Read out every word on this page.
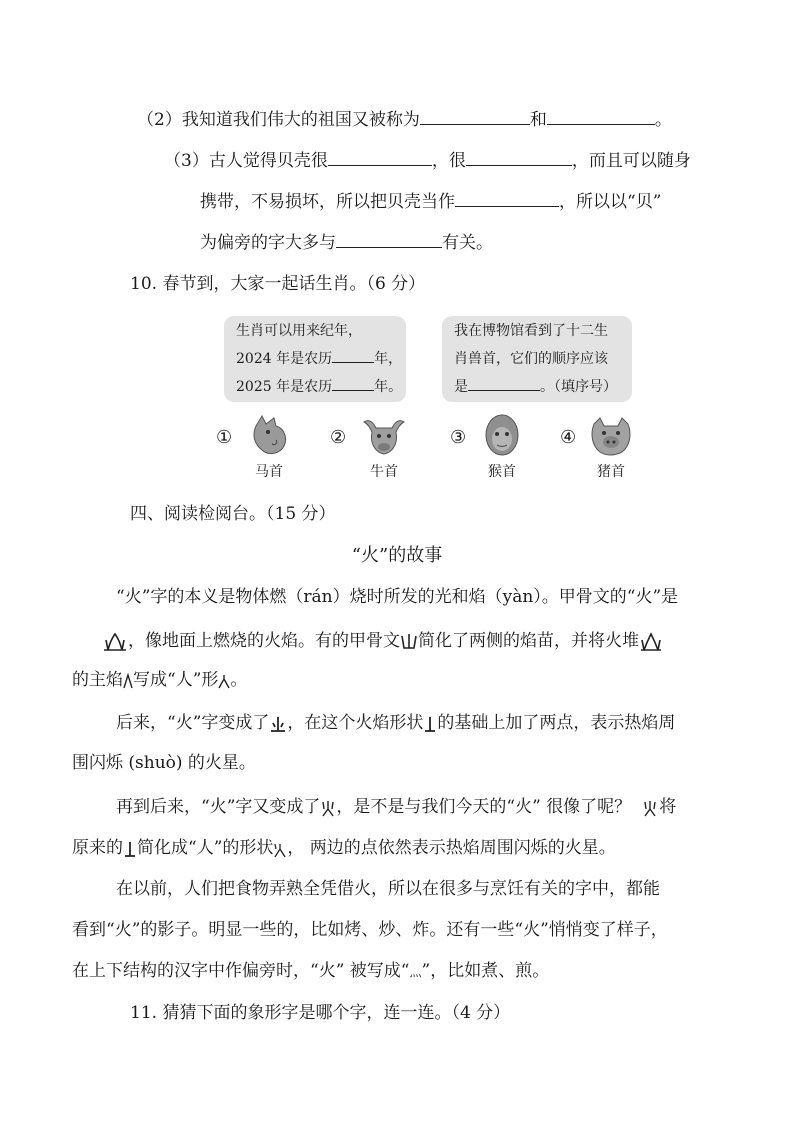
（2）我知道我们伟大的祖国又被称为	和	。
（3）古人觉得贝壳很	，很	，而且可以随身
携带，不易损坏，所以把贝壳当作	，所以以“贝”
为偏旁的字大多与	有关。
10. 春节到，大家一起话生肖。（6 分）
生肖可以用来纪年，
2024 年是农历	年，
2025 年是农历	年。
我在博物馆看到了十二生
肖兽首，它们的顺序应该
是	。（填序号）
①
马首
②
牛首
③
猴首
④
猪首
四、阅读检阅台。（15 分）
“火”的故事
“火”字的本义是物体燃（rán）烧时所发的光和焰（yàn）。甲骨文的“火”是
，像地面上燃烧的火焰。有的甲骨文 简化了两侧的焰苗，并将火堆
的主焰 写成“人”形 。
后来，“火”字变成了 ，在这个火焰形状 的基础上加了两点，表示热焰周
围闪烁 (shuò) 的火星。
再到后来，“火”字又变成了 ，是不是与我们今天的“火” 很像了呢？ 将
原来的 简化成“人”的形状 ， 两边的点依然表示热焰周围闪烁的火星。
在以前，人们把食物弄熟全凭借火，所以在很多与烹饪有关的字中，都能
看到“火”的影子。明显一些的，比如烤、炒、炸。还有一些“火”悄悄变了样子，
在上下结构的汉字中作偏旁时，“火” 被写成“灬”，比如煮、煎。
11. 猜猜下面的象形字是哪个字，连一连。（4 分）
